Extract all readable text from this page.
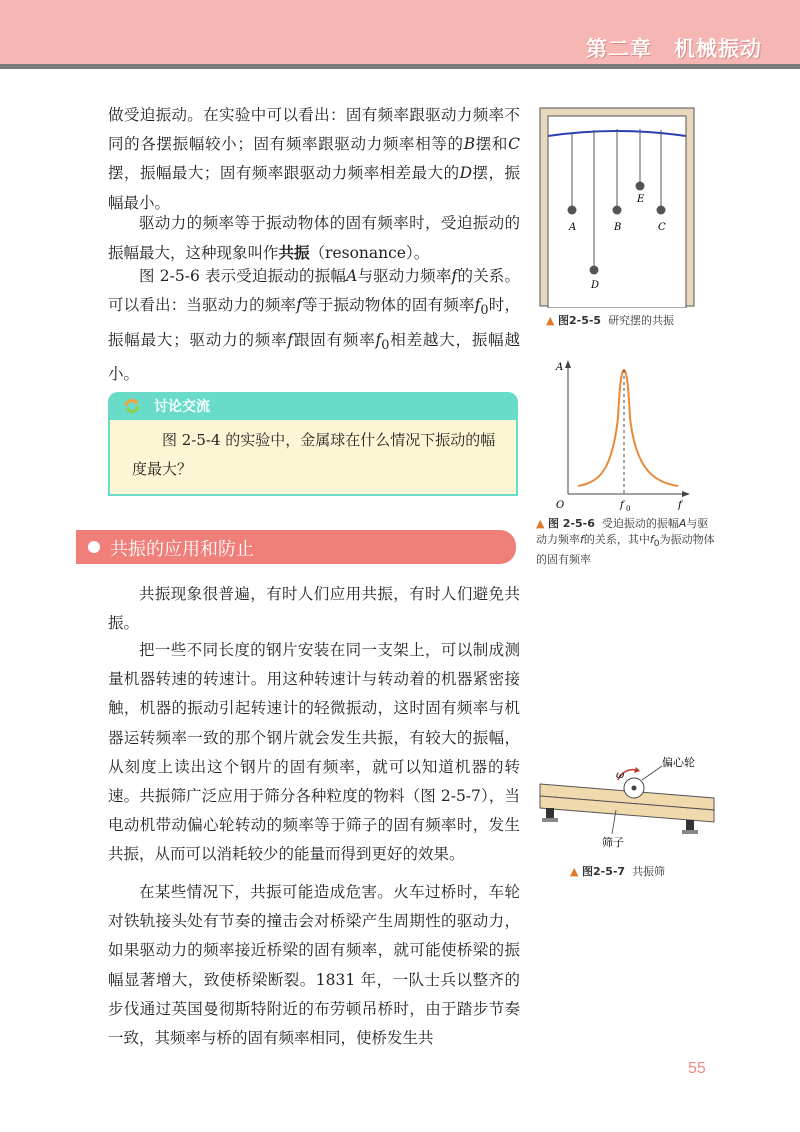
第二章　机械振动

做受迫振动。在实验中可以看出：固有频率跟驱动力频率不同的各摆振幅较小；固有频率跟驱动力频率相等的B摆和C摆，振幅最大；固有频率跟驱动力频率相差最大的D摆，振幅最小。

驱动力的频率等于振动物体的固有频率时，受迫振动的振幅最大，这种现象叫作共振（resonance）。

图 2-5-6 表示受迫振动的振幅A与驱动力频率f的关系。可以看出：当驱动力的频率f等于振动物体的固有频率$f_0$时，振幅最大；驱动力的频率f跟固有频率$f_0$相差越大，振幅越小。

讨论交流

图 2-5-4 的实验中，金属球在什么情况下振动的幅度最大？

共振的应用和防止

共振现象很普遍，有时人们应用共振，有时人们避免共振。

把一些不同长度的钢片安装在同一支架上，可以制成测量机器转速的转速计。用这种转速计与转动着的机器紧密接触，机器的振动引起转速计的轻微振动，这时固有频率与机器运转频率一致的那个钢片就会发生共振，有较大的振幅，从刻度上读出这个钢片的固有频率，就可以知道机器的转速。共振筛广泛应用于筛分各种粒度的物料（图 2-5-7），当电动机带动偏心轮转动的频率等于筛子的固有频率时，发生共振，从而可以消耗较少的能量而得到更好的效果。

在某些情况下，共振可能造成危害。火车过桥时，车轮对铁轨接头处有节奏的撞击会对桥梁产生周期性的驱动力，如果驱动力的频率接近桥梁的固有频率，就可能使桥梁的振幅显著增大，致使桥梁断裂。1831 年，一队士兵以整齐的步伐通过英国曼彻斯特附近的布劳顿吊桥时，由于踏步节奏一致，其频率与桥的固有频率相同，使桥发生共

A	B	C
E
D
▲ 图2-5-5 研究摆的共振
A
f
O	f 0
▲ 图 2-5-6 受迫振动的振幅A与驱动力频率f的关系，其中$f_0$为振动物体的固有频率
ω
偏心轮
筛子
▲ 图2-5-7 共振筛
55
